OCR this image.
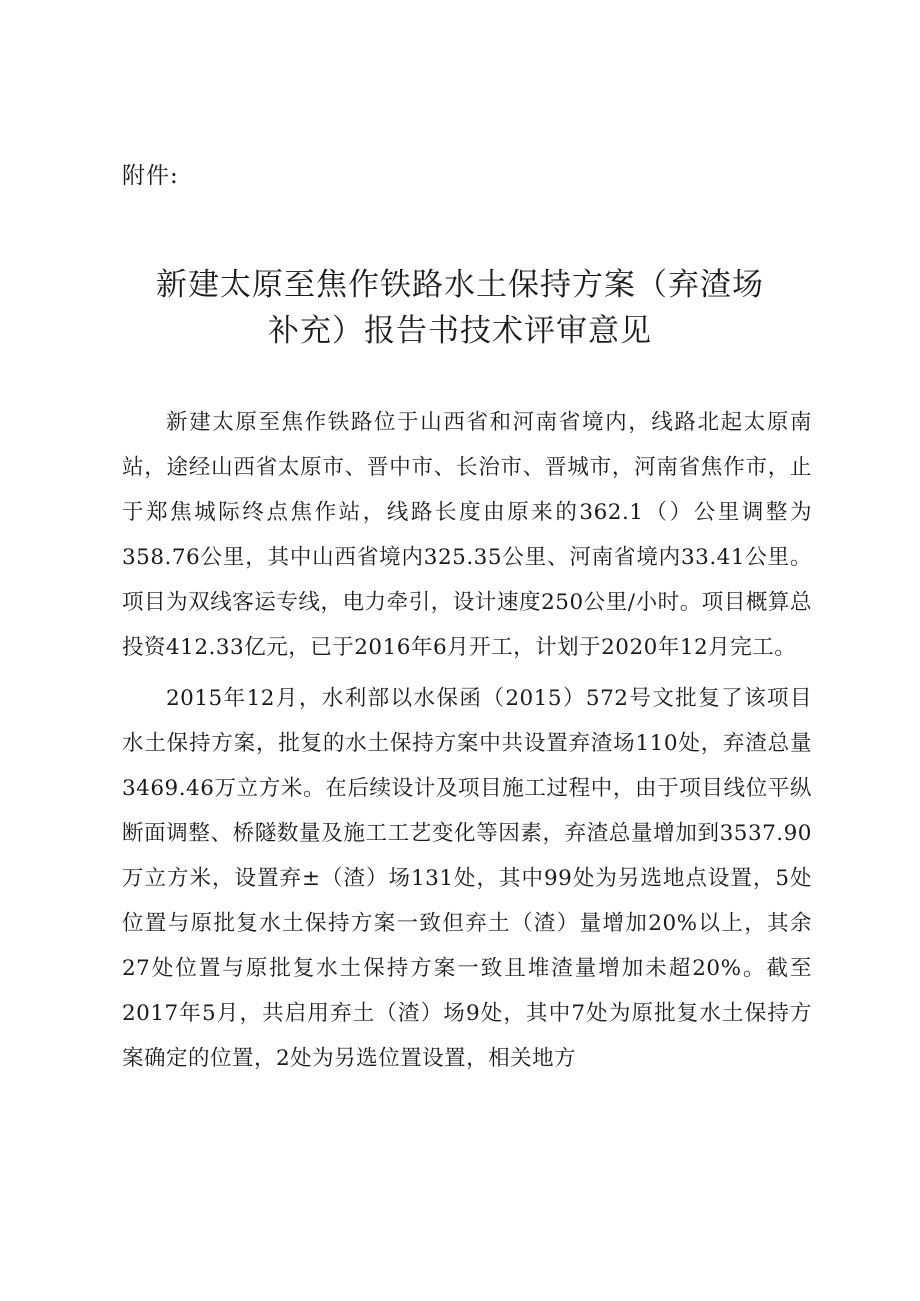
附件:
新建太原至焦作铁路水土保持方案（弃渣场
补充）报告书技术评审意见

新建太原至焦作铁路位于山西省和河南省境内，线路北起太原南站，途经山西省太原市、晋中市、长治市、晋城市，河南省焦作市，止于郑焦城际终点焦作站，线路长度由原来的362.1（）公里调整为358.76公里，其中山西省境内325.35公里、河南省境内33.41公里。项目为双线客运专线，电力牵引，设计速度250公里/小时。项目概算总投资412.33亿元，已于2016年6月开工，计划于2020年12月完工。

2015年12月，水利部以水保函（2015）572号文批复了该项目水土保持方案，批复的水土保持方案中共设置弃渣场110处，弃渣总量3469.46万立方米。在后续设计及项目施工过程中，由于项目线位平纵断面调整、桥隧数量及施工工艺变化等因素，弃渣总量增加到3537.90万立方米，设置弃±（渣）场131处，其中99处为另选地点设置，5处位置与原批复水土保持方案一致但弃土（渣）量增加20%以上，其余27处位置与原批复水土保持方案一致且堆渣量增加未超20%。截至2017年5月，共启用弃土（渣）场9处，其中7处为原批复水土保持方案确定的位置，2处为另选位置设置，相关地方
